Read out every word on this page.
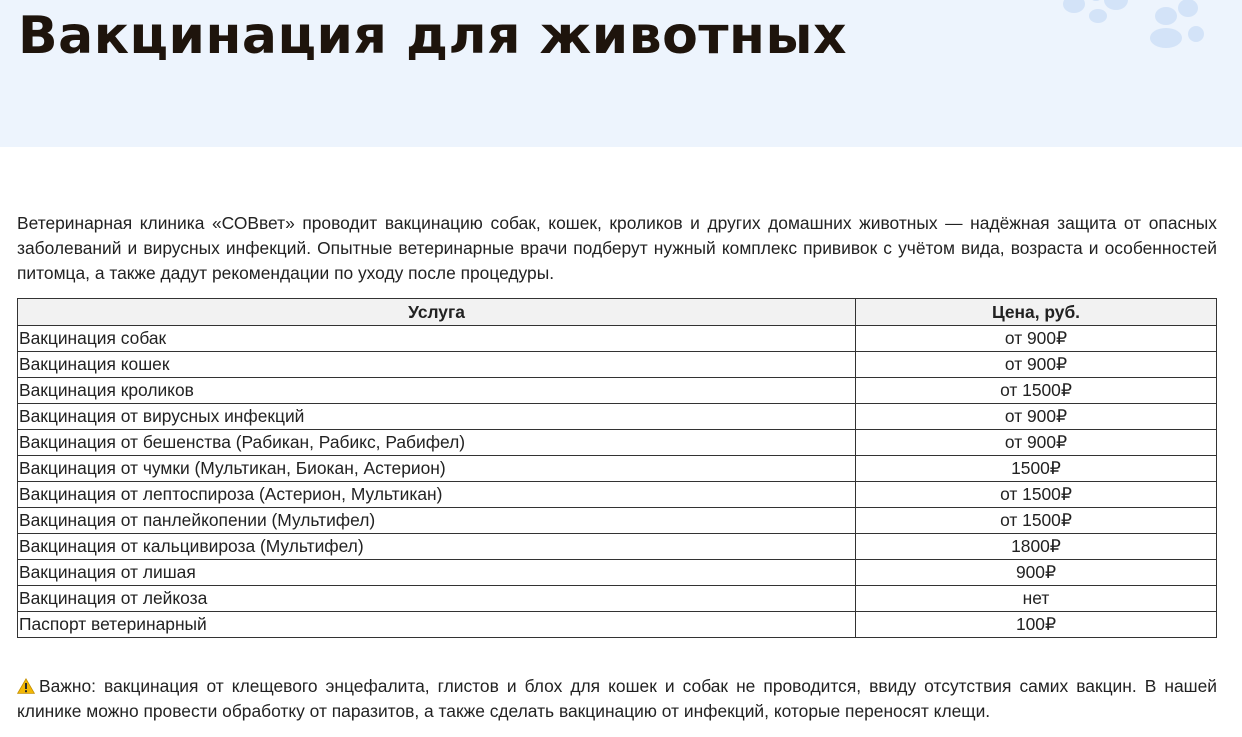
Вакцинация для животных

Ветеринарная клиника «СОВвет» проводит вакцинацию собак, кошек, кроликов и других домашних животных — надёжная защита от опасных заболеваний и вирусных инфекций. Опытные ветеринарные врачи подберут нужный комплекс прививок с учётом вида, возраста и особенностей питомца, а также дадут рекомендации по уходу после процедуры.

Услуга	Цена, руб.
Вакцинация собак	от 900₽
Вакцинация кошек	от 900₽
Вакцинация кроликов	от 1500₽
Вакцинация от вирусных инфекций	от 900₽
Вакцинация от бешенства (Рабикан, Рабикс, Рабифел)	от 900₽
Вакцинация от чумки (Мультикан, Биокан, Астерион)	1500₽
Вакцинация от лептоспироза (Астерион, Мультикан)	от 1500₽
Вакцинация от панлейкопении (Мультифел)	от 1500₽
Вакцинация от кальцивироза (Мультифел)	1800₽
Вакцинация от лишая	900₽
Вакцинация от лейкоза	нет
Паспорт ветеринарный	100₽

Важно: вакцинация от клещевого энцефалита, глистов и блох для кошек и собак не проводится, ввиду отсутствия самих вакцин. В нашей клинике можно провести обработку от паразитов, а также сделать вакцинацию от инфекций, которые переносят клещи.
